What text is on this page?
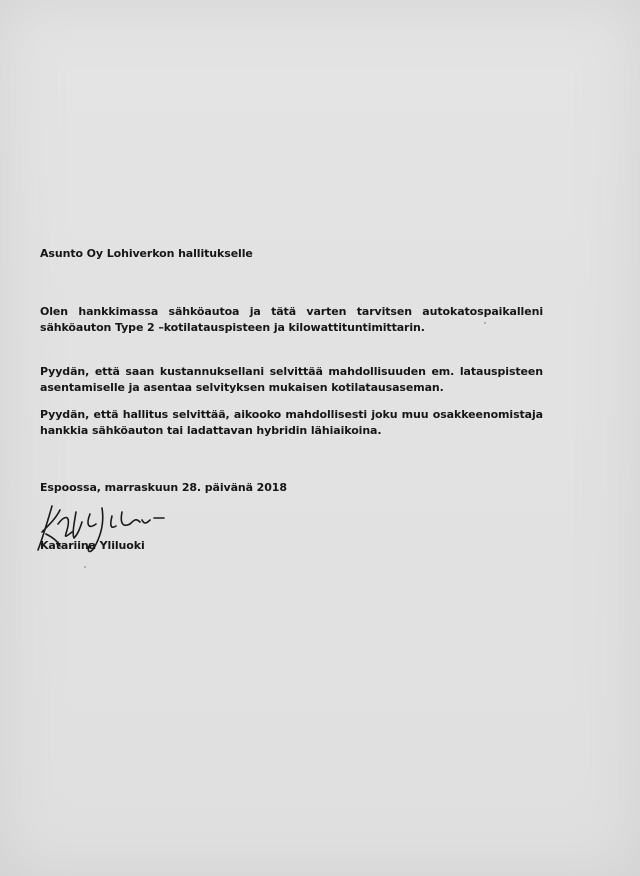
Asunto Oy Lohiverkon hallitukselle

Olen hankkimassa sähköautoa ja tätä varten tarvitsen autokatospaikalleni sähköauton Type 2 –kotilatauspisteen ja kilowattituntimittarin.

Pyydän, että saan kustannuksellani selvittää mahdollisuuden em. latauspisteen asentamiselle ja asentaa selvityksen mukaisen kotilatausaseman.

Pyydän, että hallitus selvittää, aikooko mahdollisesti joku muu osakkeenomistaja hankkia sähköauton tai ladattavan hybridin lähiaikoina.

Espoossa, marraskuun 28. päivänä 2018

Katariina Yliluoki
